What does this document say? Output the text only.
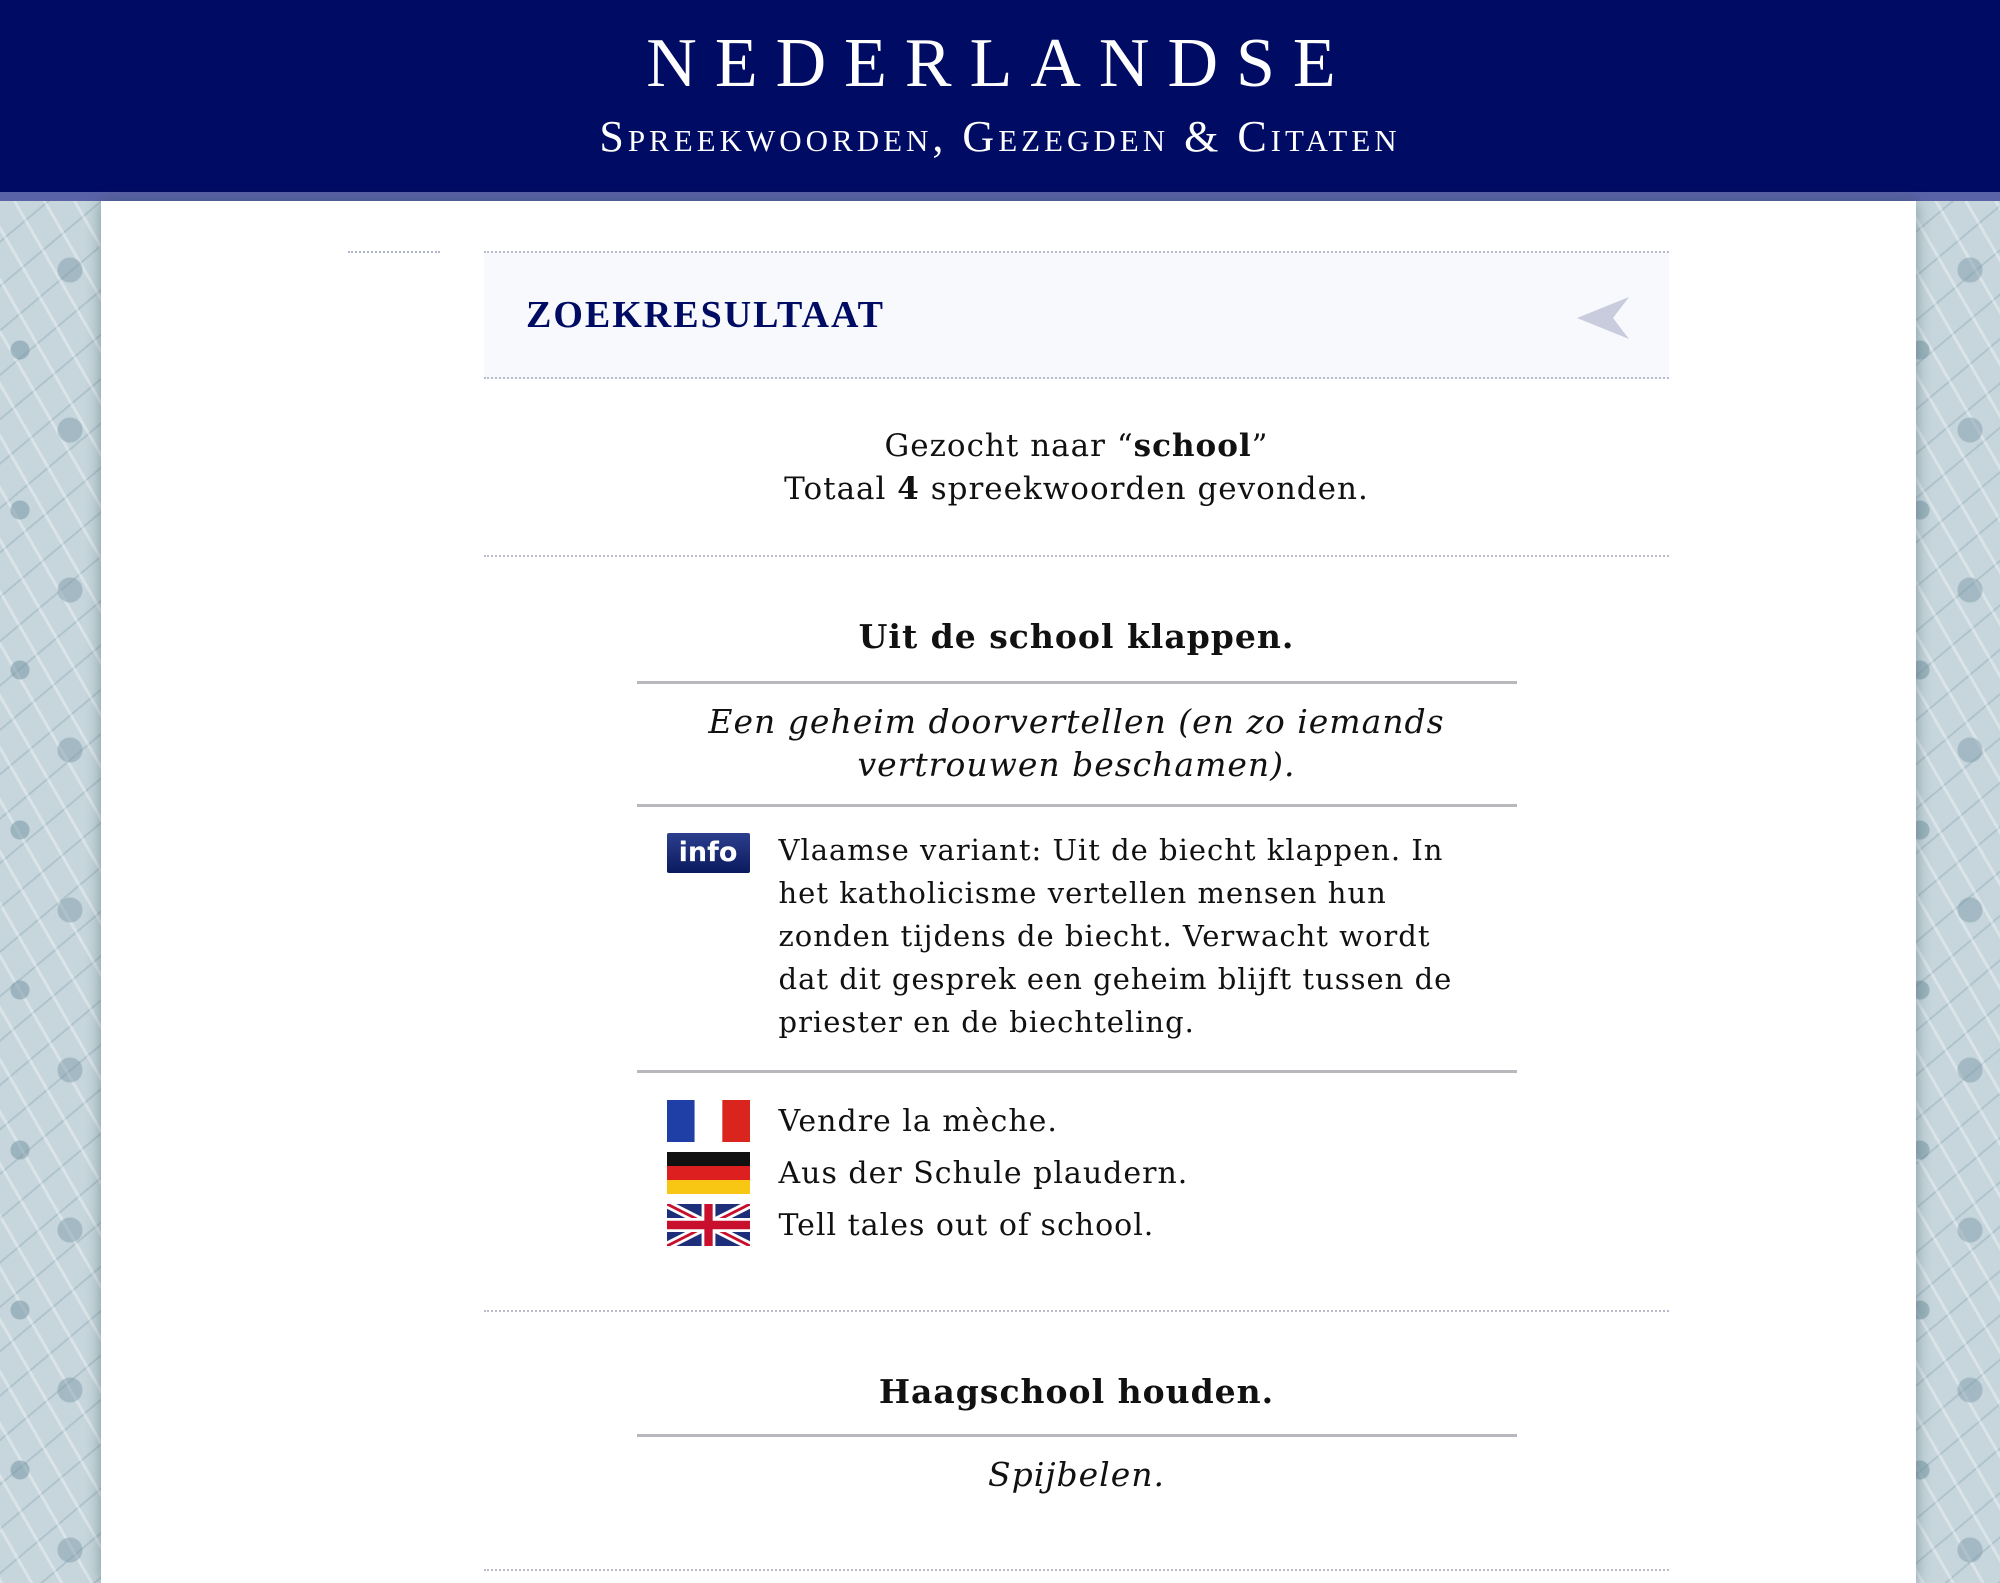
NEDERLANDSE
Spreekwoorden, Gezegden & Citaten
ZOEKRESULTAAT
Gezocht naar “school”
Totaal 4 spreekwoorden gevonden.
Uit de school klappen.
Een geheim doorvertellen (en zo iemands vertrouwen beschamen).
info	Vlaamse variant: Uit de biecht klappen. In het katholicisme vertellen mensen hun zonden tijdens de biecht. Verwacht wordt dat dit gesprek een geheim blijft tussen de priester en de biechteling.
Vendre la mèche.
Aus der Schule plaudern.
Tell tales out of school.
Haagschool houden.
Spijbelen.
